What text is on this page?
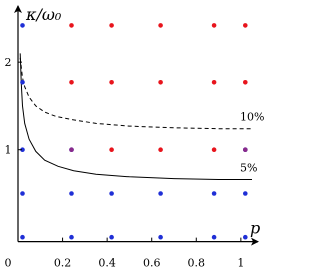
10%
5%
0	0.2 0.4 0.6 0.8	1
1
2
p
κ/ω₀
